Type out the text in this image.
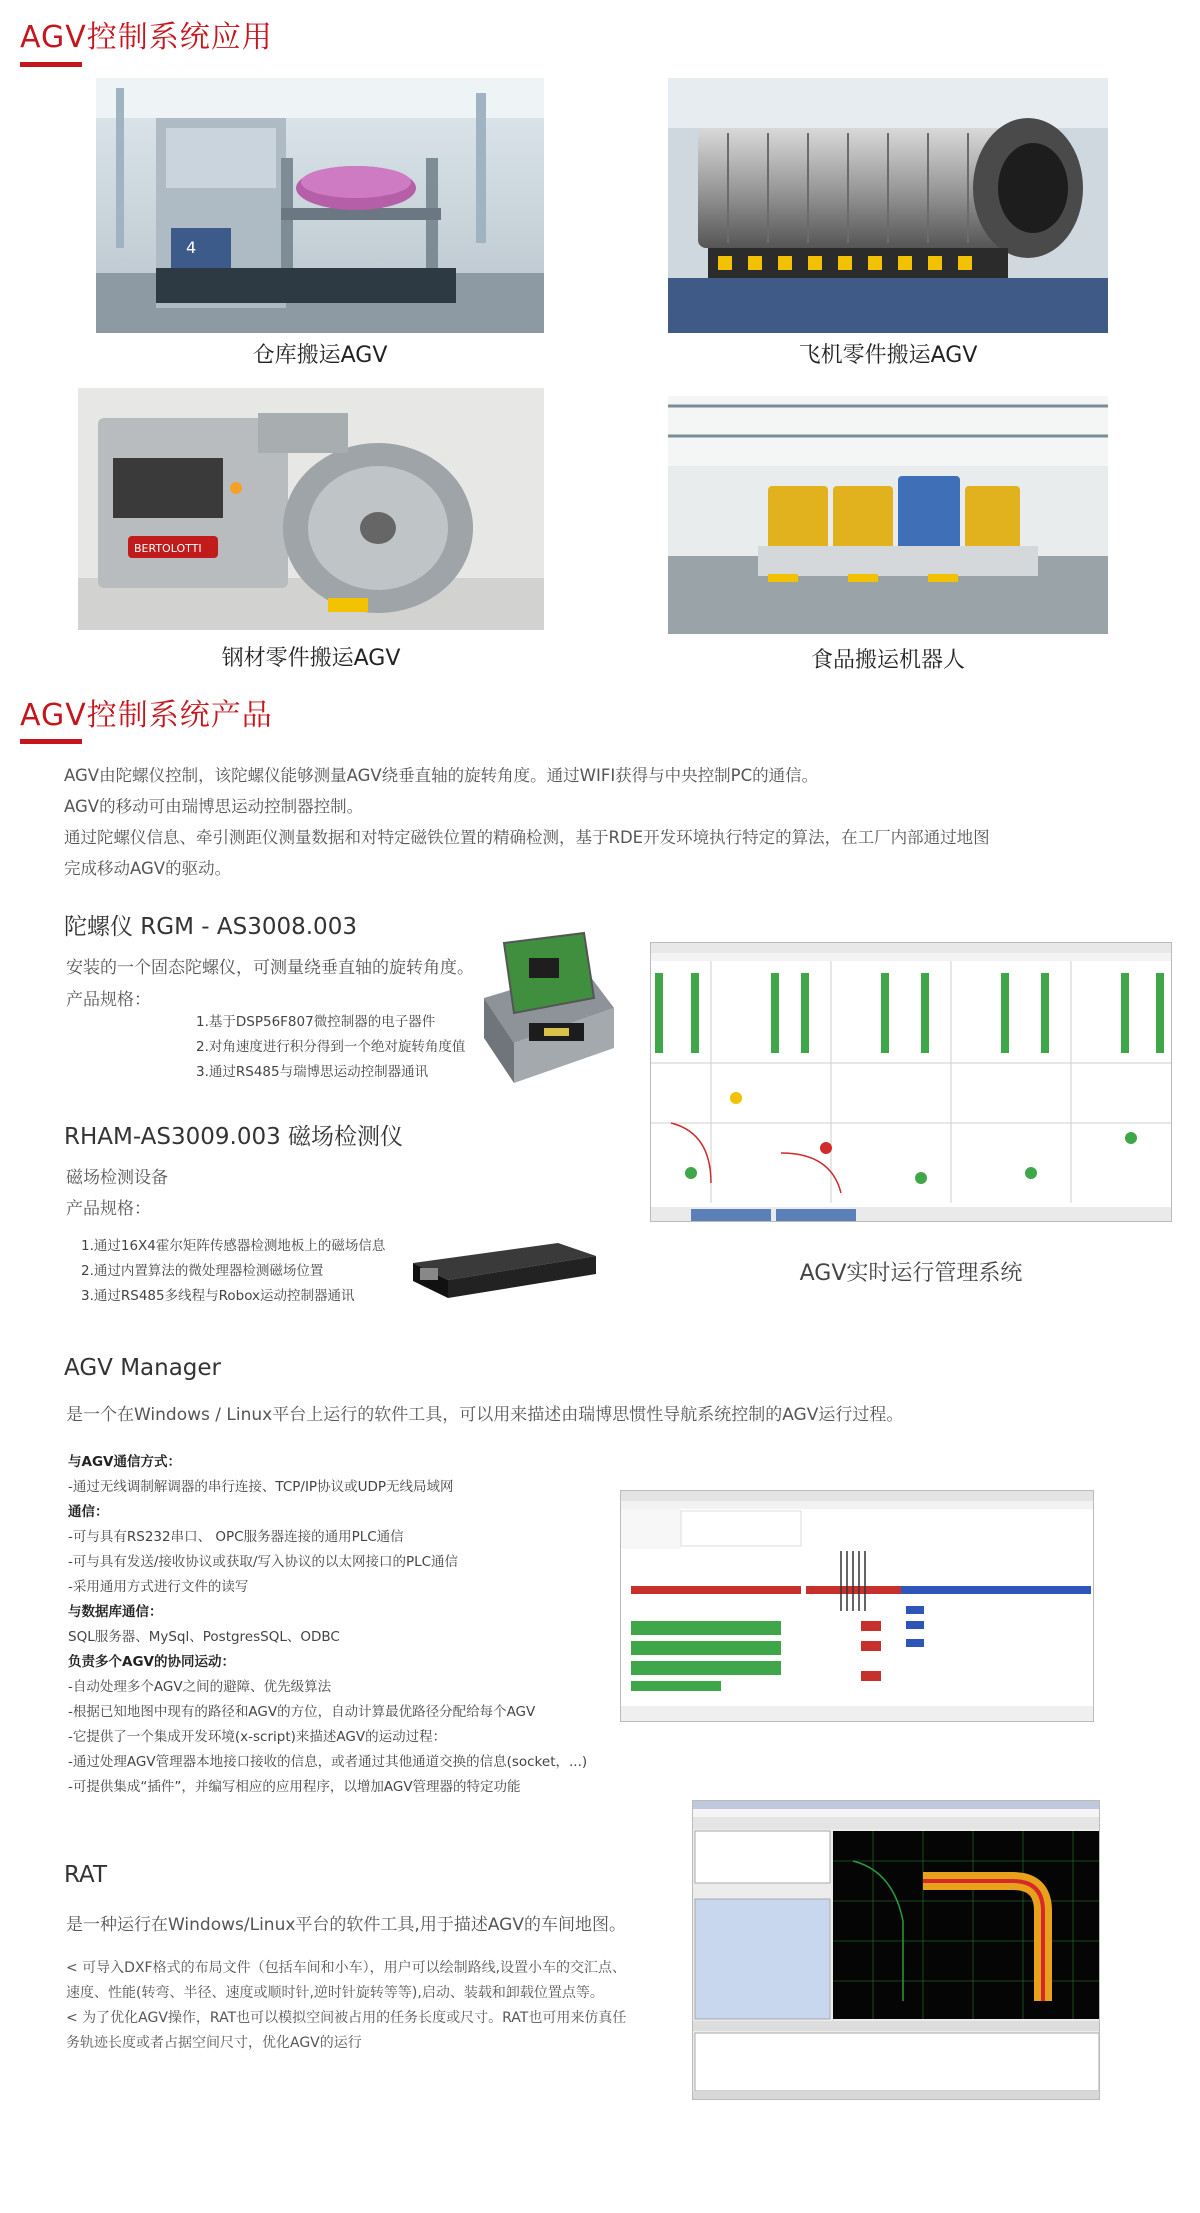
AGV控制系统应用
4
仓库搬运AGV	飞机零件搬运AGV
BERTOLOTTI
钢材零件搬运AGV	食品搬运机器人
AGV控制系统产品
AGV由陀螺仪控制，该陀螺仪能够测量AGV绕垂直轴的旋转角度。通过WIFI获得与中央控制PC的通信。
AGV的移动可由瑞博思运动控制器控制。
通过陀螺仪信息、牵引测距仪测量数据和对特定磁铁位置的精确检测，基于RDE开发环境执行特定的算法，在工厂内部通过地图
完成移动AGV的驱动。
陀螺仪 RGM - AS3008.003
安装的一个固态陀螺仪，可测量绕垂直轴的旋转角度。
产品规格：
1.基于DSP56F807微控制器的电子器件
2.对角速度进行积分得到一个绝对旋转角度值
3.通过RS485与瑞博思运动控制器通讯
RHAM-AS3009.003 磁场检测仪
磁场检测设备
产品规格：
1.通过16X4霍尔矩阵传感器检测地板上的磁场信息
2.通过内置算法的微处理器检测磁场位置
3.通过RS485多线程与Robox运动控制器通讯
AGV实时运行管理系统
AGV Manager
是一个在Windows / Linux平台上运行的软件工具，可以用来描述由瑞博思惯性导航系统控制的AGV运行过程。
与AGV通信方式：
-通过无线调制解调器的串行连接、TCP/IP协议或UDP无线局域网
通信：
-可与具有RS232串口、 OPC服务器连接的通用PLC通信
-可与具有发送/接收协议或获取/写入协议的以太网接口的PLC通信
-采用通用方式进行文件的读写
与数据库通信：
SQL服务器、MySql、PostgresSQL、ODBC
负责多个AGV的协同运动：
-自动处理多个AGV之间的避障、优先级算法
-根据已知地图中现有的路径和AGV的方位，自动计算最优路径分配给每个AGV
-它提供了一个集成开发环境(x-script)来描述AGV的运动过程：
-通过处理AGV管理器本地接口接收的信息，或者通过其他通道交换的信息(socket，...)
-可提供集成“插件”，并编写相应的应用程序，以增加AGV管理器的特定功能
RAT
是一种运行在Windows/Linux平台的软件工具,用于描述AGV的车间地图。
< 可导入DXF格式的布局文件（包括车间和小车），用户可以绘制路线,设置小车的交汇点、
速度、性能(转弯、半径、速度或顺时针,逆时针旋转等等),启动、装载和卸载位置点等。
< 为了优化AGV操作，RAT也可以模拟空间被占用的任务长度或尺寸。RAT也可用来仿真任
务轨迹长度或者占据空间尺寸，优化AGV的运行
